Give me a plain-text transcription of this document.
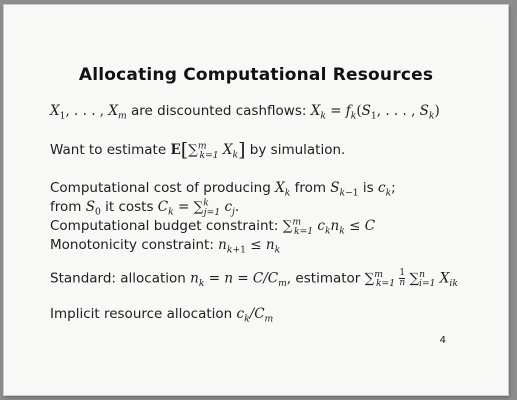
Allocating Computational Resources
$X_1$, . . . , $X_m$ are discounted cashflows: $X_k = f_k(S_1$, . . . , $S_k$)
Want to estimate E[∑$^m_{k=1}$ $X_k$] by simulation.
Computational cost of producing $X_k$ from $S_{k-1}$ is $c_k$;
from $S_0$ it costs $C_k = \sum^k_{j=1}$ $c_j$.
Computational budget constraint: ∑$^m_{k=1}$ $c_kn_k \le C$
Monotonicity constraint: $n_{k+1} \le n_k$
Standard: allocation $n_k = n = C/C_m$, estimator $\sum^m_{k=1} \frac{1}{n} \sum^n_{i=1}$ $X_{ik}$
Implicit resource allocation $c_k/C_m$
4
